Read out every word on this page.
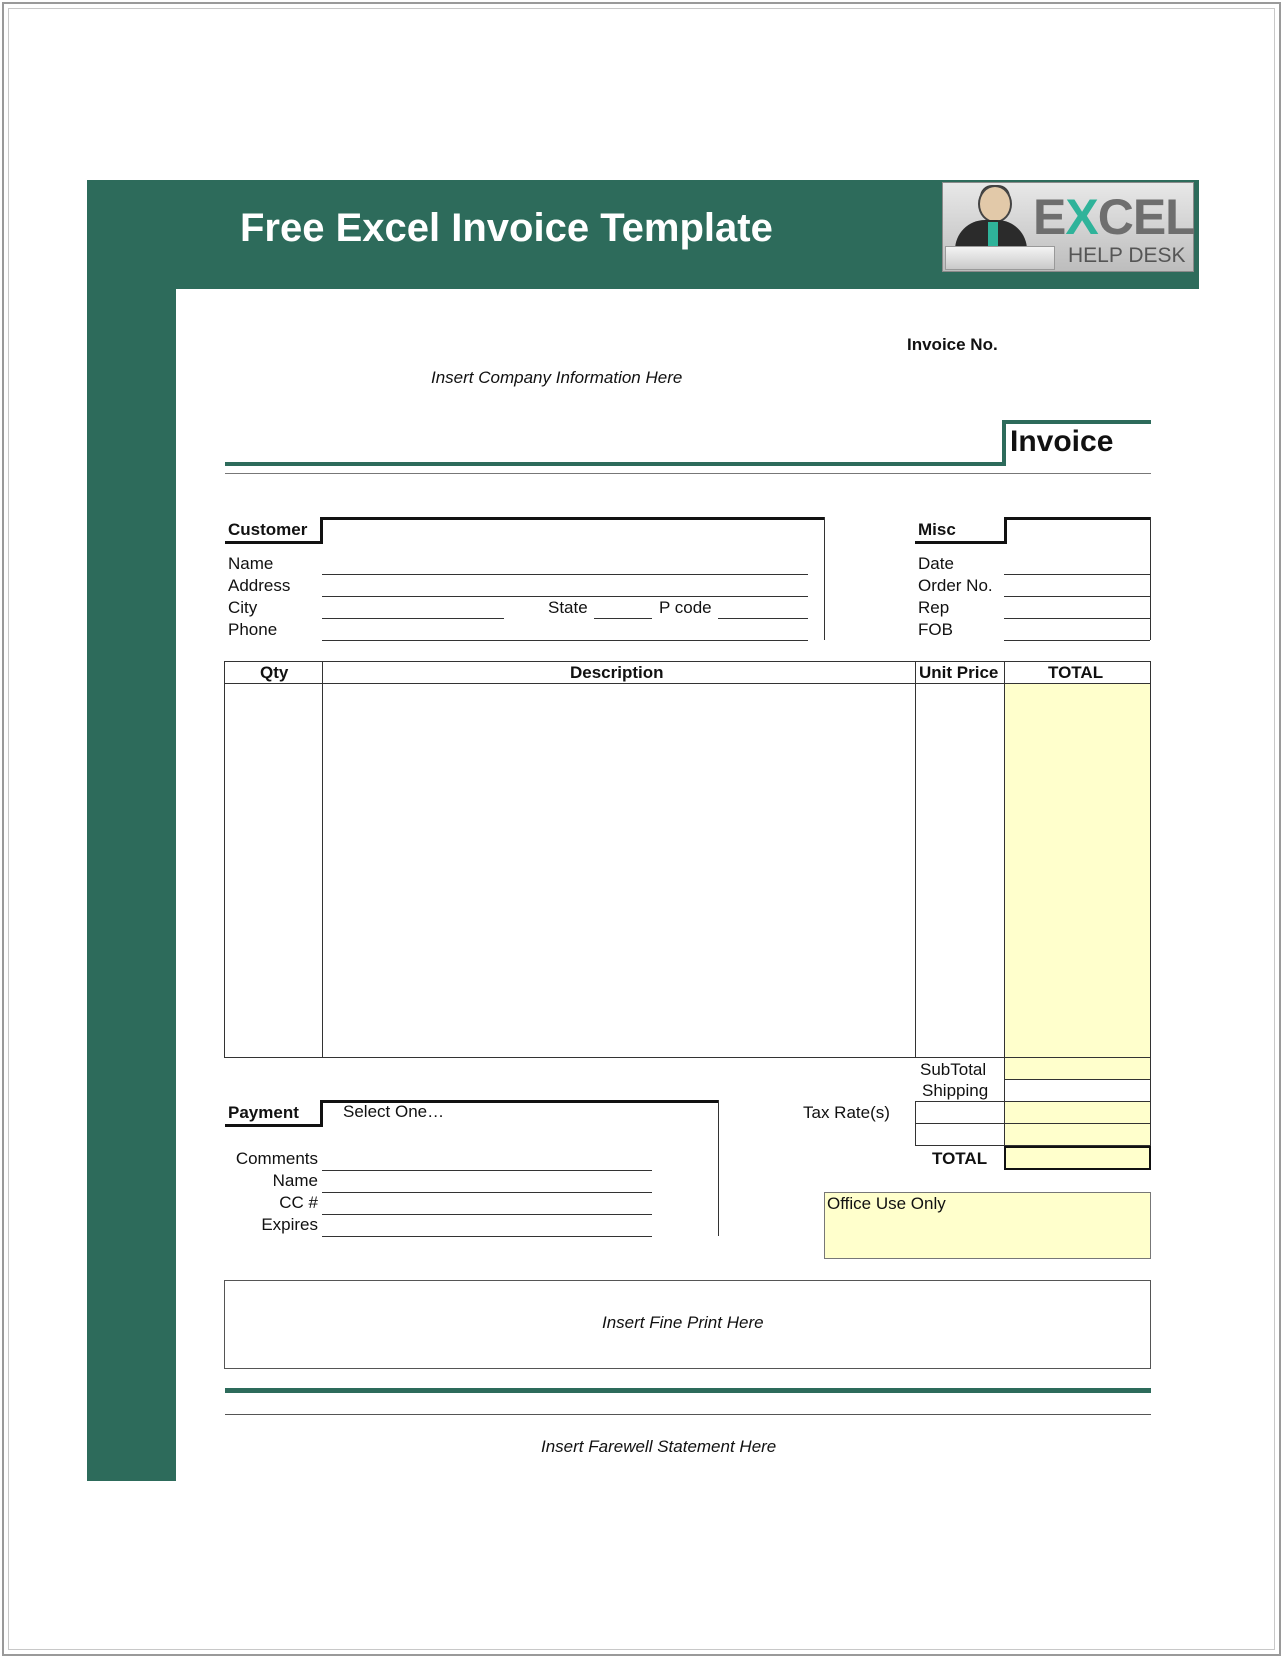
Free Excel Invoice Template	EXCEL
HELP DESK
Invoice No.
Insert Company Information Here
Invoice
Customer
Name
Address
City	State	P code
Phone
Misc
Date
Order No.
Rep
FOB
Qty	Description	Unit Price	TOTAL
SubTotal
Shipping
Tax Rate(s)
TOTAL
Payment	Select One…
Comments
Name
CC #
Expires
Office Use Only
Insert Fine Print Here
Insert Farewell Statement Here
